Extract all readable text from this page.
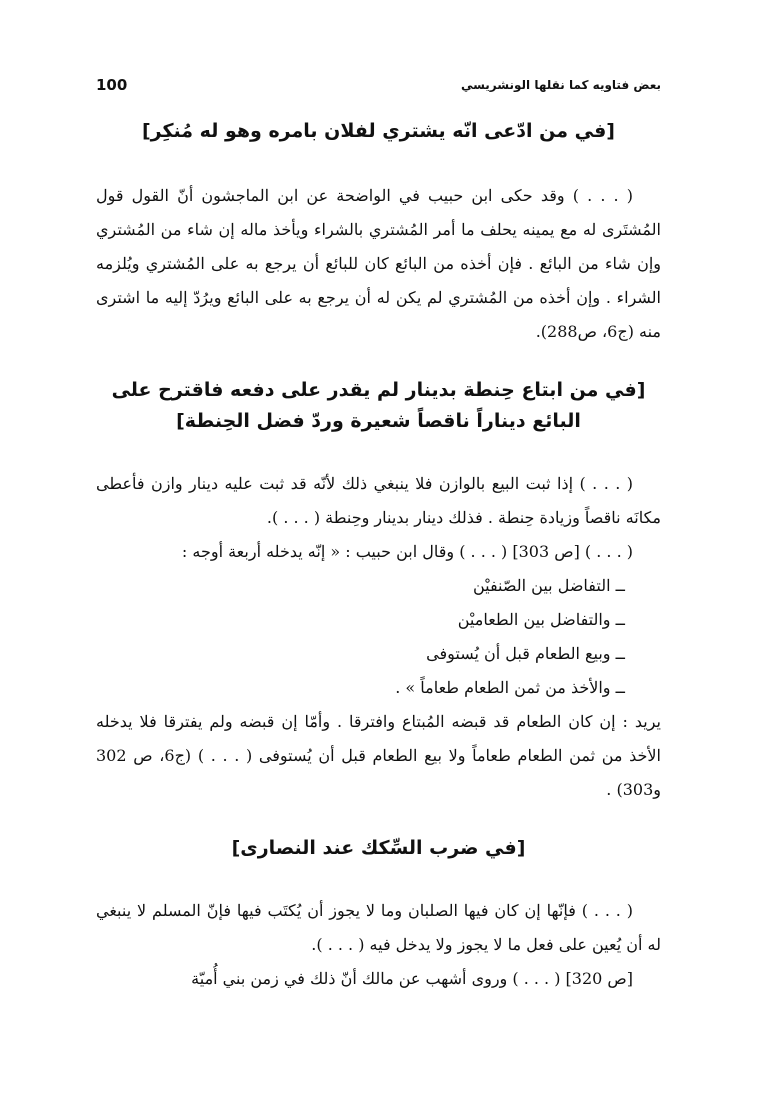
100	بعض فتاويه كما نقلها الونشريسي
[في من ادّعى انّه يشتري لفلان بامره وهو له مُنكِر]

( . . . ) وقد حكى ابن حبيب في الواضحة عن ابن الماجشون أنّ القول قول المُشتَرى له مع يمينه يحلف ما أمر المُشتري بالشراء ويأخذ ماله إن شاء من المُشتري وإن شاء من البائع . فإن أخذه من البائع كان للبائع أن يرجع به على المُشتري ويُلزمه الشراء . وإن أخذه من المُشتري لم يكن له أن يرجع به على البائع ويرُدّ إليه ما اشترى منه (ج6، ص288).

[في من ابتاع حِنطة بدينار لم يقدر على دفعه فاقترح على البائع ديناراً ناقصاً شعيرة وردّ فضل الحِنطة]

( . . . ) إذا ثبت البيع بالوازن فلا ينبغي ذلك لأنّه قد ثبت عليه دينار وازن فأعطى مكانَه ناقصاً وزيادة حِنطة . فذلك دينار بدينار وحِنطة ( . . . ).

( . . . ) [ص 303] ( . . . ) وقال ابن حبيب : « إنّه يدخله أربعة أوجه :

ــ التفاضل بين الصّنفيْن
ــ والتفاضل بين الطعاميْن
ــ وبيع الطعام قبل أن يُستوفى
ــ والأخذ من ثمن الطعام طعاماً » .

يريد : إن كان الطعام قد قبضه المُبتاع وافترقا . وأمّا إن قبضه ولم يفترقا فلا يدخله الأخذ من ثمن الطعام طعاماً ولا بيع الطعام قبل أن يُستوفى ( . . . ) (ج6، ص 302 و303) .

[في ضرب السِّكك عند النصارى]

( . . . ) فإنّها إن كان فيها الصلبان وما لا يجوز أن يُكتَب فيها فإنّ المسلم لا ينبغي له أن يُعين على فعل ما لا يجوز ولا يدخل فيه ( . . . ).

[ص 320] ( . . . ) وروى أشهب عن مالك أنّ ذلك في زمن بني أُميّة
